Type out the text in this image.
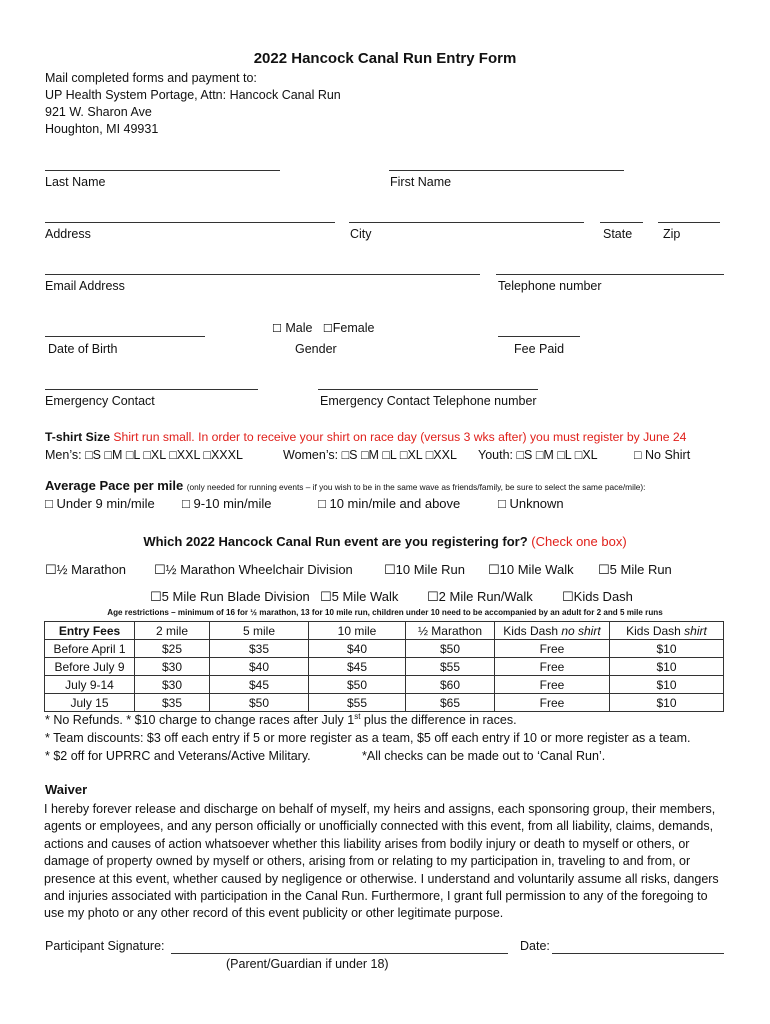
2022 Hancock Canal Run Entry Form
Mail completed forms and payment to:
UP Health System Portage, Attn: Hancock Canal Run
921 W. Sharon Ave
Houghton, MI 49931
Last Name	First Name
Address	City	State Zip
Email Address	Telephone number
☐ Male ☐Female
Date of Birth	Gender	Fee Paid
Emergency Contact	Emergency Contact Telephone number
T-shirt Size Shirt run small. In order to receive your shirt on race day (versus 3 wks after) you must register by June 24
Men’s: □S □M □L □XL □XXL □XXXL	Women’s: □S □M □L □XL □XXL Youth: □S □M □L □XL	□ No Shirt
Average Pace per mile (only needed for running events – if you wish to be in the same wave as friends/family, be sure to select the same pace/mile):
□ Under 9 min/mile □ 9-10 min/mile	□ 10 min/mile and above	□ Unknown
Which 2022 Hancock Canal Run event are you registering for? (Check one box)
☐½ Marathon ☐½ Marathon Wheelchair Division ☐10 Mile Run ☐10 Mile Walk ☐5 Mile Run
☐5 Mile Run Blade Division ☐5 Mile Walk ☐2 Mile Run/Walk ☐Kids Dash
Age restrictions – minimum of 16 for ½ marathon, 13 for 10 mile run, children under 10 need to be accompanied by an adult for 2 and 5 mile runs
Entry Fees	2 mile	5 mile	10 mile	½ Marathon	Kids Dash no shirt	Kids Dash shirt
Before April 1	$25	$35	$40	$50	Free	$10
Before July 9	$30	$40	$45	$55	Free	$10
July 9-14	$30	$45	$50	$60	Free	$10
July 15	$35	$50	$55	$65	Free	$10
* No Refunds. * $10 charge to change races after July 1st plus the difference in races.
* Team discounts: $3 off each entry if 5 or more register as a team, $5 off each entry if 10 or more register as a team.
* $2 off for UPRRC and Veterans/Active Military.	*All checks can be made out to ‘Canal Run’.
Waiver

I hereby forever release and discharge on behalf of myself, my heirs and assigns, each sponsoring group, their members, agents or employees, and any person officially or unofficially connected with this event, from all liability, claims, demands, actions and causes of action whatsoever whether this liability arises from bodily injury or death to myself or others, or damage of property owned by myself or others, arising from or relating to my participation in, traveling to and from, or presence at this event, whether caused by negligence or otherwise. I understand and voluntarily assume all risks, dangers and injuries associated with participation in the Canal Run. Furthermore, I grant full permission to any of the foregoing to use my photo or any other record of this event publicity or other legitimate purpose.

Participant Signature:	Date:
(Parent/Guardian if under 18)
